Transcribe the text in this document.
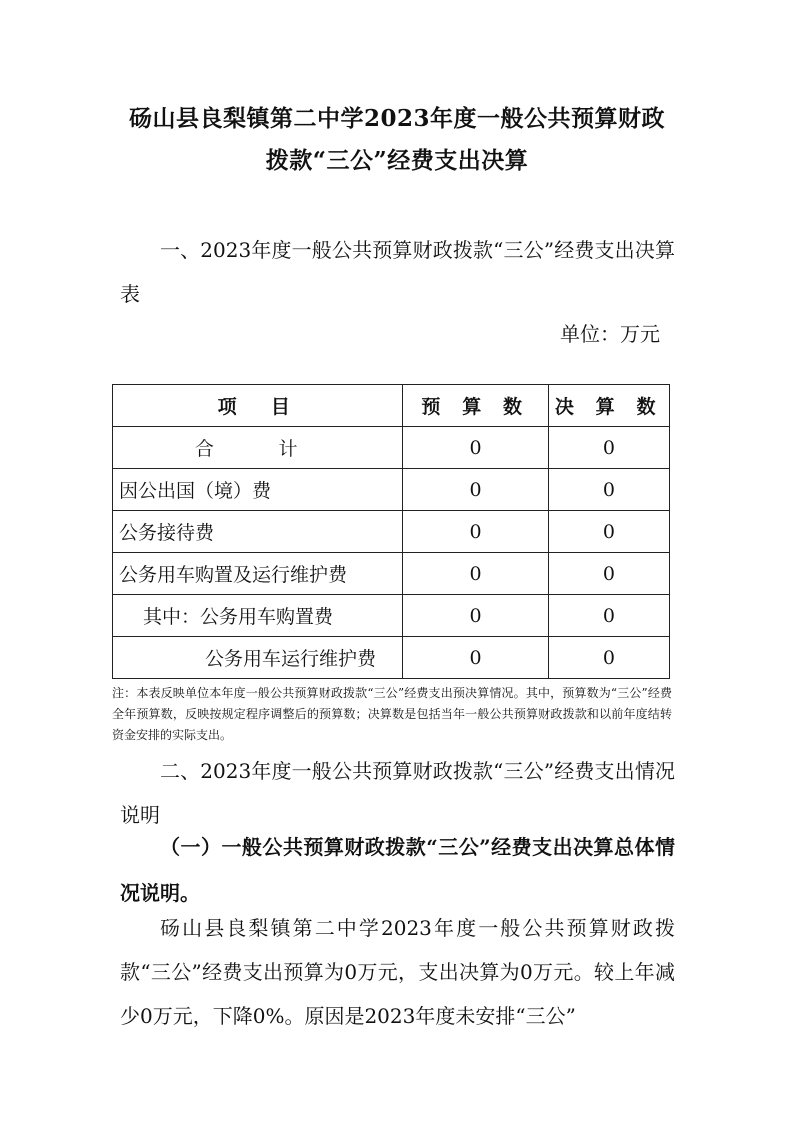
砀山县良梨镇第二中学2023年度一般公共预算财政
拨款“三公”经费支出决算

一、2023年度一般公共预算财政拨款“三公”经费支出决算表

单位：万元
项　目	预 算 数	决 算 数
合　计	0	0
因公出国（境）费	0	0
公务接待费	0	0
公务用车购置及运行维护费	0	0
其中：公务用车购置费	0	0
公务用车运行维护费	0	0

注：本表反映单位本年度一般公共预算财政拨款“三公”经费支出预决算情况。其中，预算数为“三公”经费全年预算数，反映按规定程序调整后的预算数；决算数是包括当年一般公共预算财政拨款和以前年度结转资金安排的实际支出。

二、2023年度一般公共预算财政拨款“三公”经费支出情况说明

（一）一般公共预算财政拨款“三公”经费支出决算总体情况说明。

砀山县良梨镇第二中学2023年度一般公共预算财政拨款“三公”经费支出预算为0万元，支出决算为0万元。较上年减少0万元，下降0%。原因是2023年度未安排“三公”
